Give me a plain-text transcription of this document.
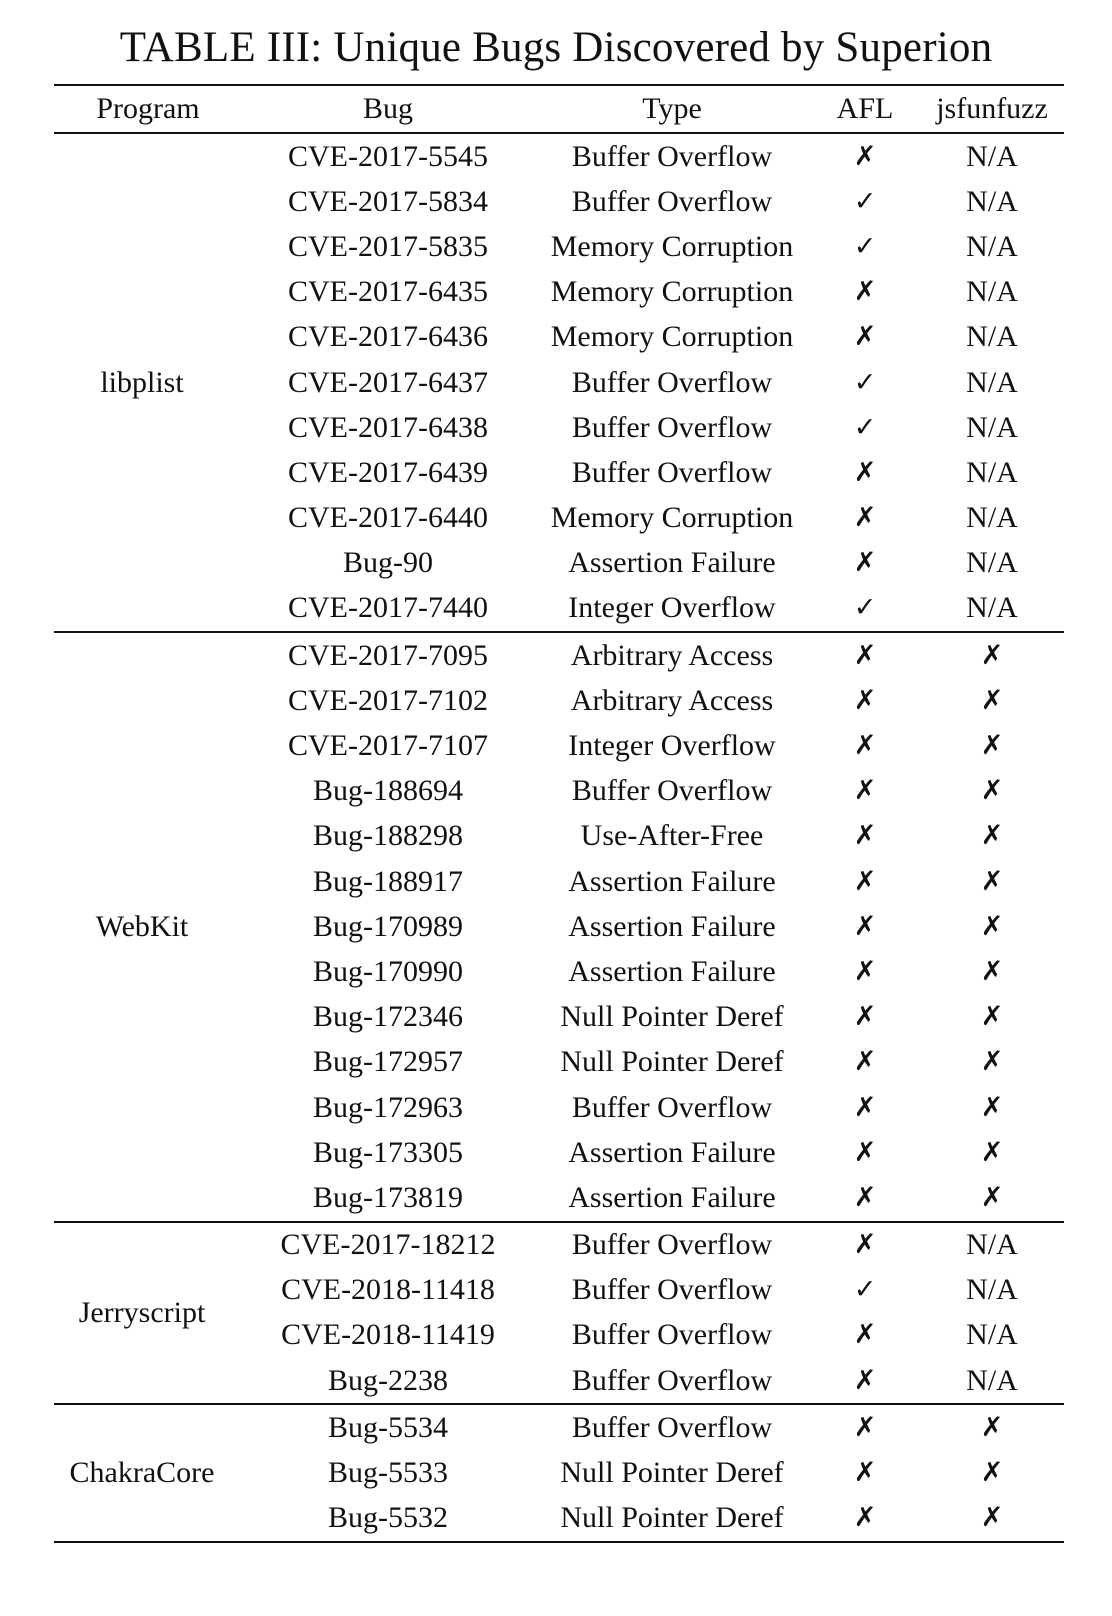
TABLE III: Unique Bugs Discovered by Superion
Program	Bug	Type	AFL	jsfunfuzz
libplist	CVE-2017-5545	Buffer Overflow	✗	N/A
	CVE-2017-5834	Buffer Overflow	✓	N/A
	CVE-2017-5835	Memory Corruption	✓	N/A
	CVE-2017-6435	Memory Corruption	✗	N/A
	CVE-2017-6436	Memory Corruption	✗	N/A
	CVE-2017-6437	Buffer Overflow	✓	N/A
	CVE-2017-6438	Buffer Overflow	✓	N/A
	CVE-2017-6439	Buffer Overflow	✗	N/A
	CVE-2017-6440	Memory Corruption	✗	N/A
	Bug-90	Assertion Failure	✗	N/A
	CVE-2017-7440	Integer Overflow	✓	N/A
WebKit	CVE-2017-7095	Arbitrary Access	✗	✗
	CVE-2017-7102	Arbitrary Access	✗	✗
	CVE-2017-7107	Integer Overflow	✗	✗
	Bug-188694	Buffer Overflow	✗	✗
	Bug-188298	Use-After-Free	✗	✗
	Bug-188917	Assertion Failure	✗	✗
	Bug-170989	Assertion Failure	✗	✗
	Bug-170990	Assertion Failure	✗	✗
	Bug-172346	Null Pointer Deref	✗	✗
	Bug-172957	Null Pointer Deref	✗	✗
	Bug-172963	Buffer Overflow	✗	✗
	Bug-173305	Assertion Failure	✗	✗
	Bug-173819	Assertion Failure	✗	✗
Jerryscript	CVE-2017-18212	Buffer Overflow	✗	N/A
	CVE-2018-11418	Buffer Overflow	✓	N/A
	CVE-2018-11419	Buffer Overflow	✗	N/A
	Bug-2238	Buffer Overflow	✗	N/A
ChakraCore	Bug-5534	Buffer Overflow	✗	✗
	Bug-5533	Null Pointer Deref	✗	✗
	Bug-5532	Null Pointer Deref	✗	✗
